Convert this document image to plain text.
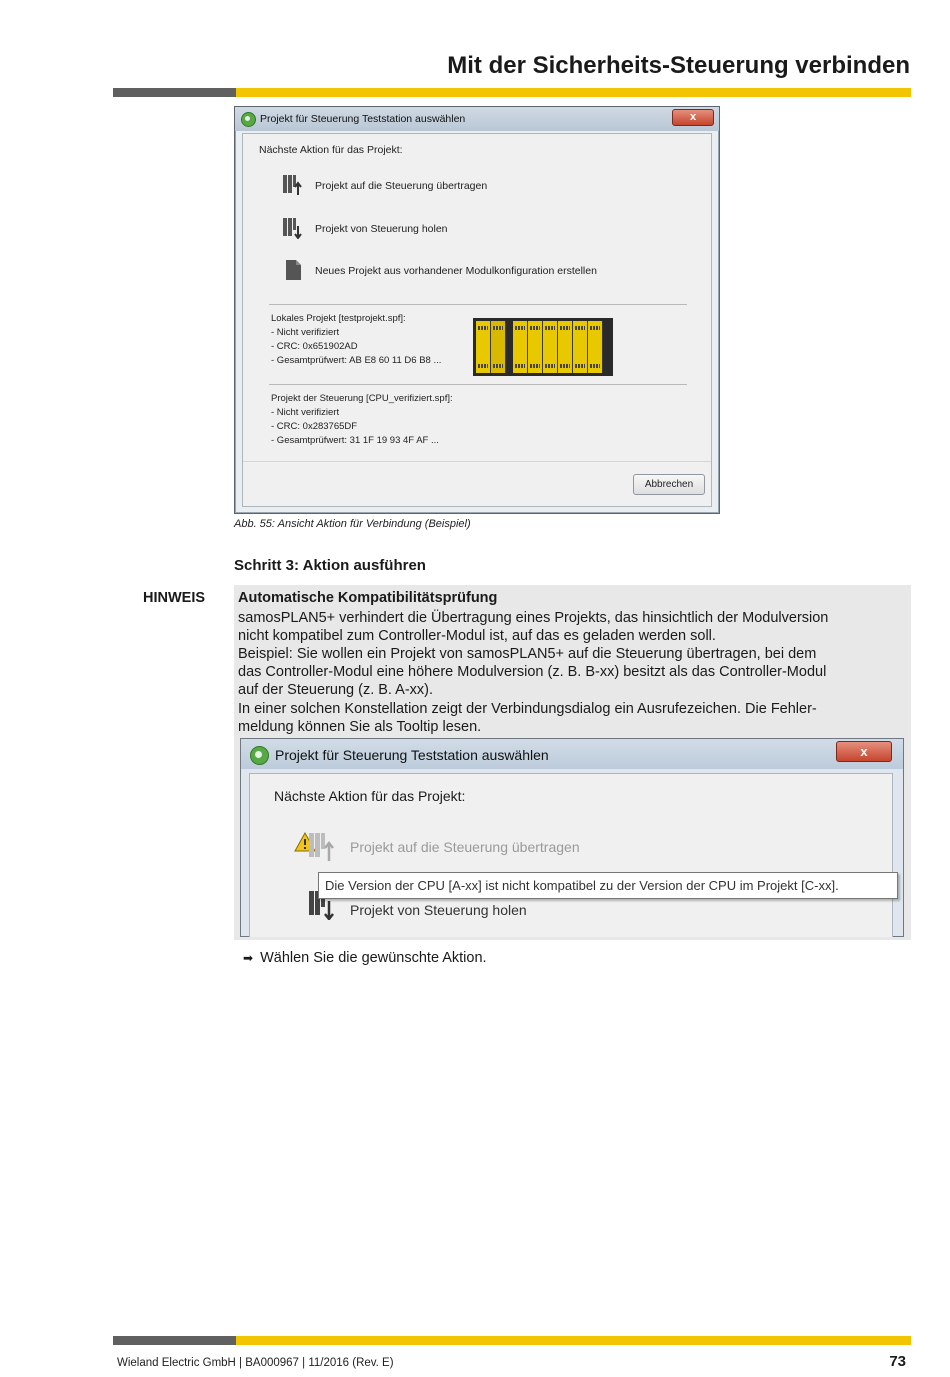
Mit der Sicherheits-Steuerung verbinden
Projekt für Steuerung Teststation auswählen	x
Nächste Aktion für das Projekt:
Projekt auf die Steuerung übertragen
Projekt von Steuerung holen
Neues Projekt aus vorhandener Modulkonfiguration erstellen
Lokales Projekt [testprojekt.spf]:
- Nicht verifiziert
- CRC: 0x651902AD
- Gesamtprüfwert: AB E8 60 11 D6 B8 ...
Projekt der Steuerung [CPU_verifiziert.spf]:
- Nicht verifiziert
- CRC: 0x283765DF
- Gesamtprüfwert: 31 1F 19 93 4F AF ...
Abbrechen
Abb. 55: Ansicht Aktion für Verbindung (Beispiel)
Schritt 3: Aktion ausführen
HINWEIS Automatische Kompatibilitätsprüfung
samosPLAN5+ verhindert die Übertragung eines Projekts, das hinsichtlich der Modulversion
nicht kompatibel zum Controller-Modul ist, auf das es geladen werden soll.
Beispiel: Sie wollen ein Projekt von samosPLAN5+ auf die Steuerung übertragen, bei dem
das Controller-Modul eine höhere Modulversion (z. B. B-xx) besitzt als das Controller-Modul
auf der Steuerung (z. B. A-xx).
In einer solchen Konstellation zeigt der Verbindungsdialog ein Ausrufezeichen. Die Fehler-
meldung können Sie als Tooltip lesen.
Projekt für Steuerung Teststation auswählen	x
Nächste Aktion für das Projekt:
Projekt auf die Steuerung übertragen
Projekt von Steuerung holen
Die Version der CPU [A-xx] ist nicht kompatibel zu der Version der CPU im Projekt [C-xx].
➡ Wählen Sie die gewünschte Aktion.
Wieland Electric GmbH | BA000967 | 11/2016 (Rev. E)	73
